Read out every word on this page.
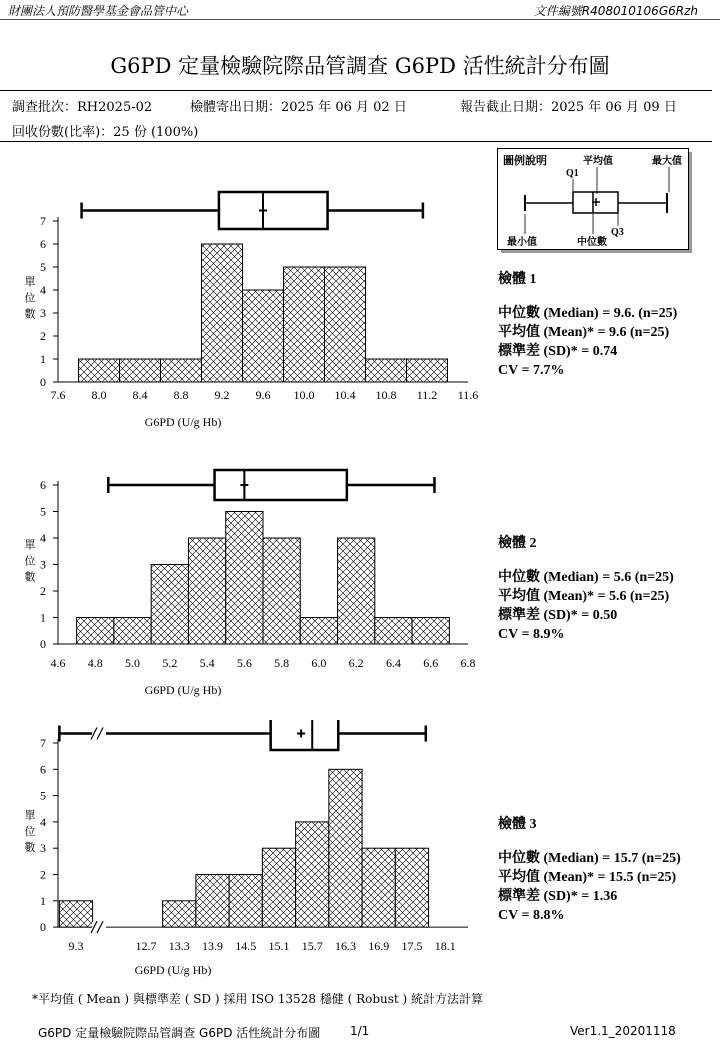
財團法人預防醫學基金會品管中心	文件編號R408010106G6Rzh
G6PD 定量檢驗院際品管調查 G6PD 活性統計分布圖
調查批次：RH2025-02	檢體寄出日期：2025 年 06 月 02 日	報告截止日期：2025 年 06 月 09 日
回收份數(比率)：25 份 (100%)
圖例說明	平均值	最大值
Q1
Q3
最小值	中位數
0
1
2
3
4
5
6
7
7.6 8.0 8.4 8.8 9.2 9.6 10.0 10.4 10.8 11.2 11.6
G6PD (U/g Hb)
單位數
0
1
2
3
4
5
6
4.6 4.8 5.0 5.2 5.4 5.6 5.8 6.0 6.2 6.4 6.6 6.8
G6PD (U/g Hb)
單位數
0
1
2
3
4
5
6
7
9.3	12.7 13.3 13.9 14.5 15.1 15.7 16.3 16.9 17.5 18.1
G6PD (U/g Hb)
單位數
檢體 1
中位數 (Median) = 9.6. (n=25)
平均值 (Mean)* = 9.6 (n=25)
標準差 (SD)* = 0.74
CV = 7.7%
檢體 2
中位數 (Median) = 5.6 (n=25)
平均值 (Mean)* = 5.6 (n=25)
標準差 (SD)* = 0.50
CV = 8.9%
檢體 3
中位數 (Median) = 15.7 (n=25)
平均值 (Mean)* = 15.5 (n=25)
標準差 (SD)* = 1.36
CV = 8.8%
*平均值 ( Mean ) 與標準差 ( SD ) 採用 ISO 13528 穩健 ( Robust ) 統計方法計算
G6PD 定量檢驗院際品管調查 G6PD 活性統計分布圖 1/1	Ver1.1_20201118
